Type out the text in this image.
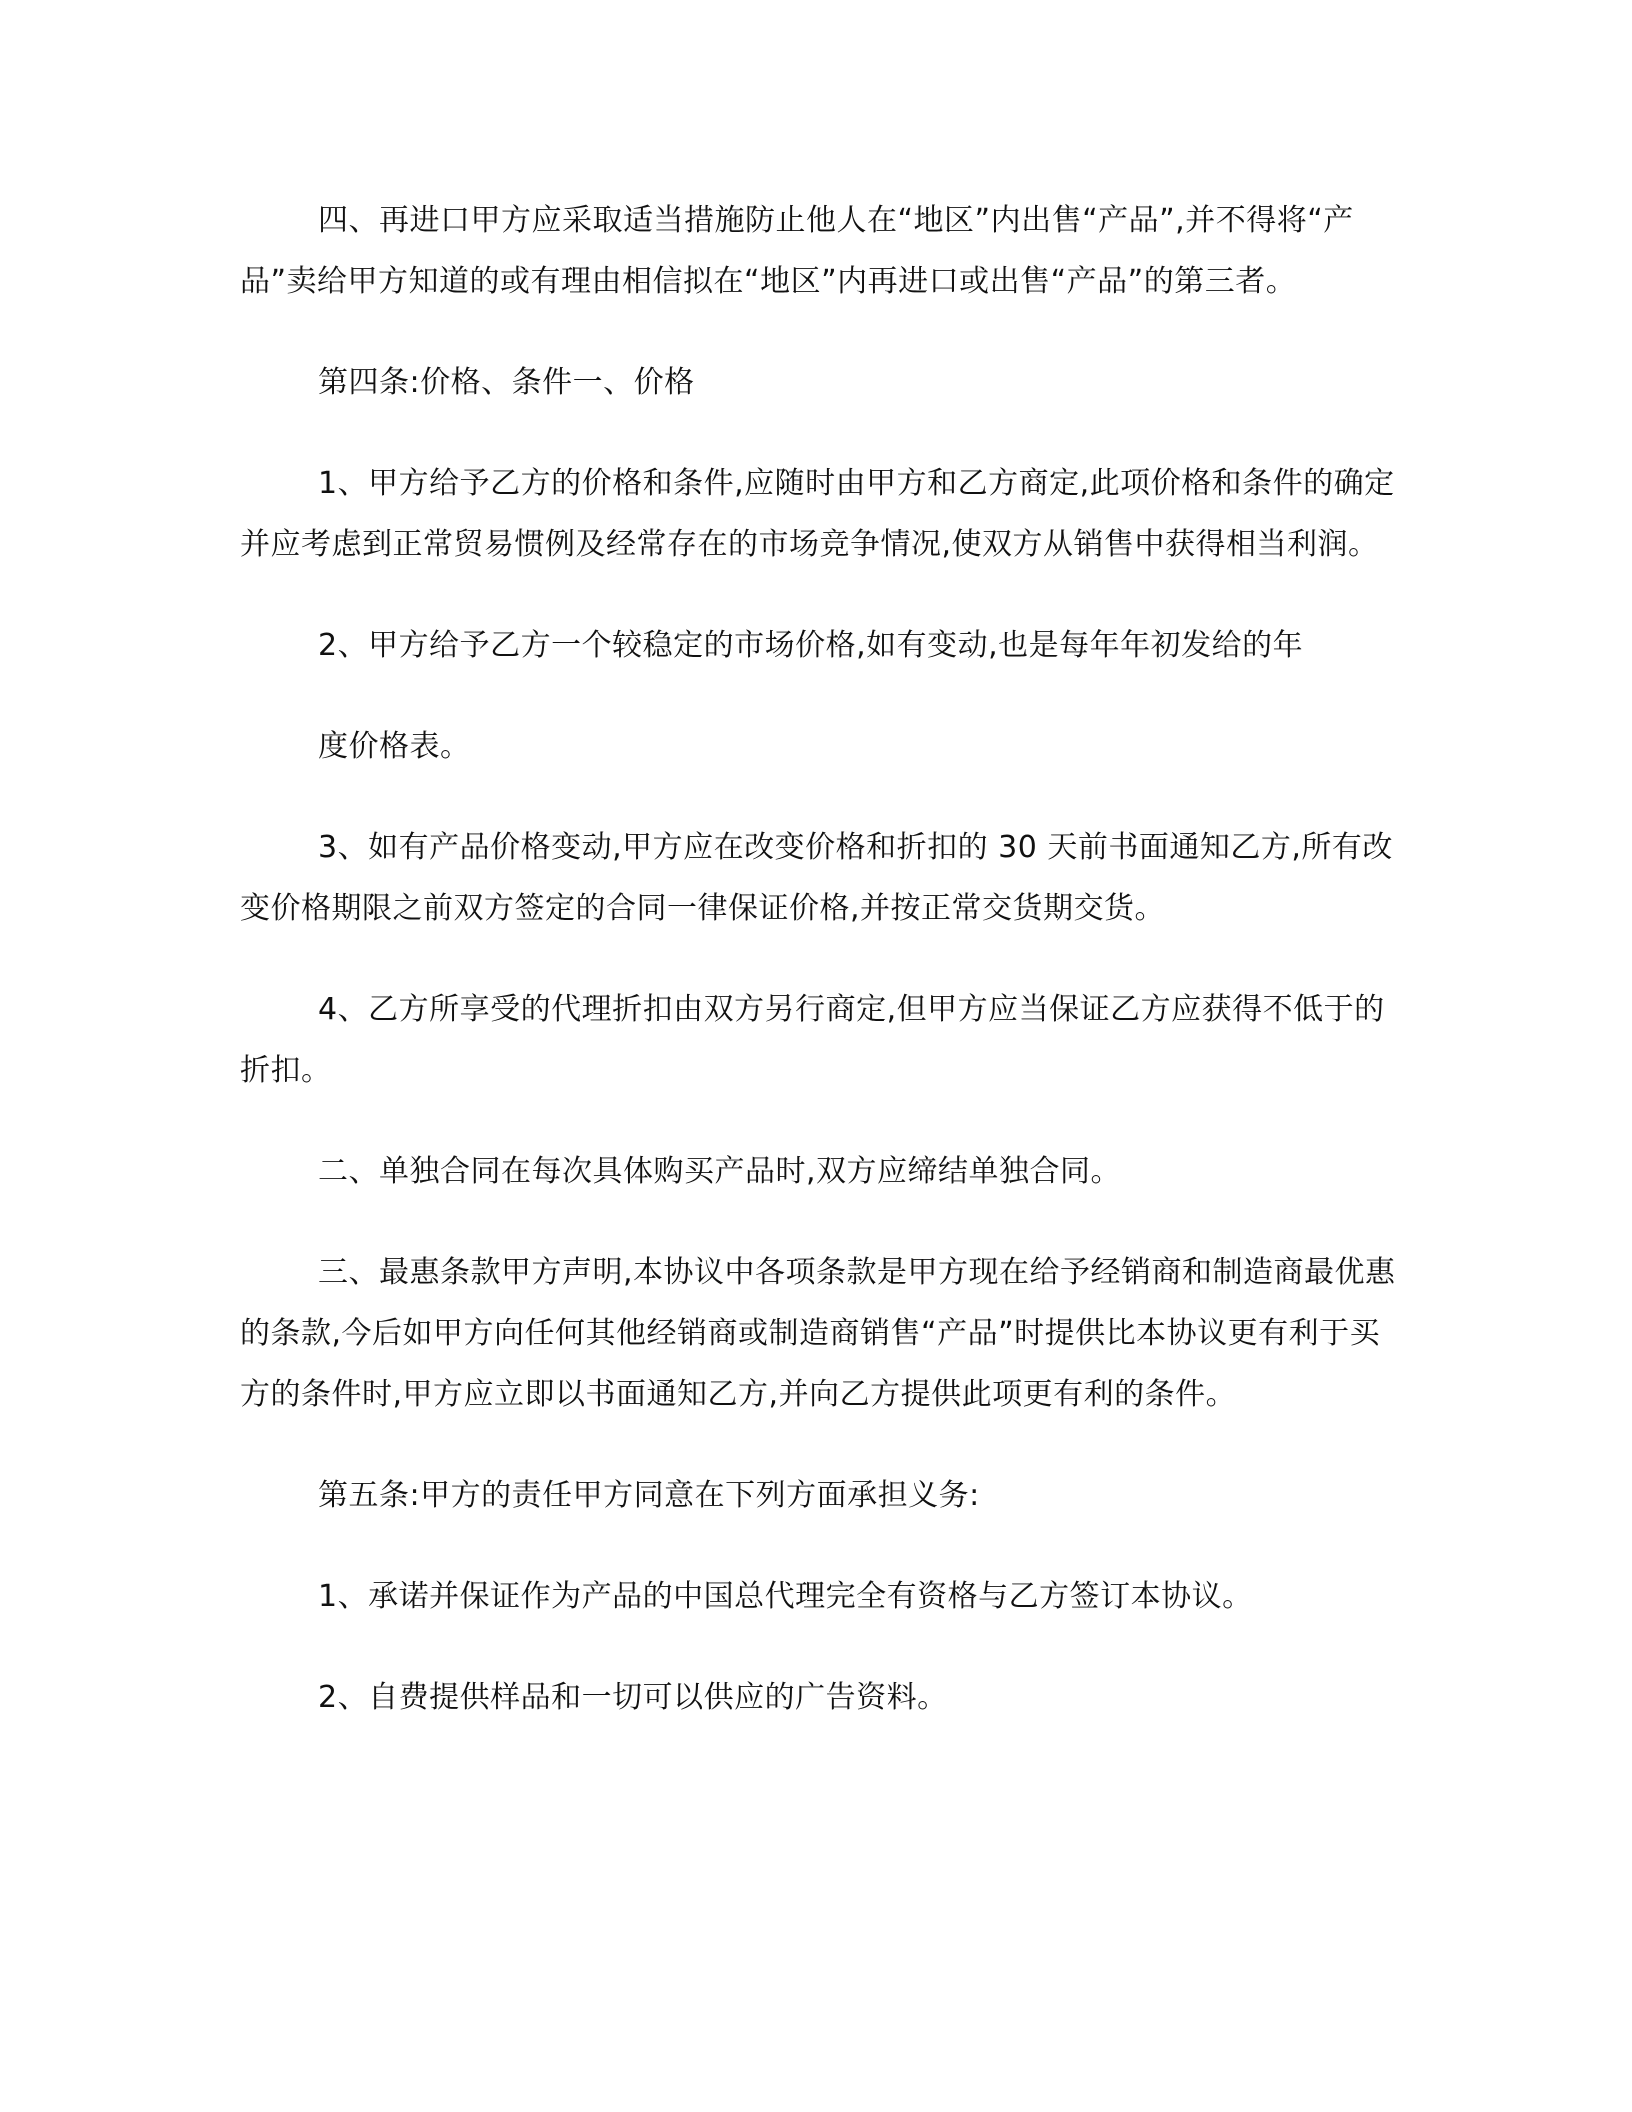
四、再进口甲方应采取适当措施防止他人在“地区”内出售“产品”,并不得将“产品”卖给甲方知道的或有理由相信拟在“地区”内再进口或出售“产品”的第三者。

第四条:价格、条件一、价格

1、甲方给予乙方的价格和条件,应随时由甲方和乙方商定,此项价格和条件的确定并应考虑到正常贸易惯例及经常存在的市场竞争情况,使双方从销售中获得相当利润。

2、甲方给予乙方一个较稳定的市场价格,如有变动,也是每年年初发给的年

度价格表。

3、如有产品价格变动,甲方应在改变价格和折扣的 30 天前书面通知乙方,所有改变价格期限之前双方签定的合同一律保证价格,并按正常交货期交货。

4、乙方所享受的代理折扣由双方另行商定,但甲方应当保证乙方应获得不低于的折扣。

二、单独合同在每次具体购买产品时,双方应缔结单独合同。

三、最惠条款甲方声明,本协议中各项条款是甲方现在给予经销商和制造商最优惠的条款,今后如甲方向任何其他经销商或制造商销售“产品”时提供比本协议更有利于买方的条件时,甲方应立即以书面通知乙方,并向乙方提供此项更有利的条件。

第五条:甲方的责任甲方同意在下列方面承担义务:

1、承诺并保证作为产品的中国总代理完全有资格与乙方签订本协议。

2、自费提供样品和一切可以供应的广告资料。
